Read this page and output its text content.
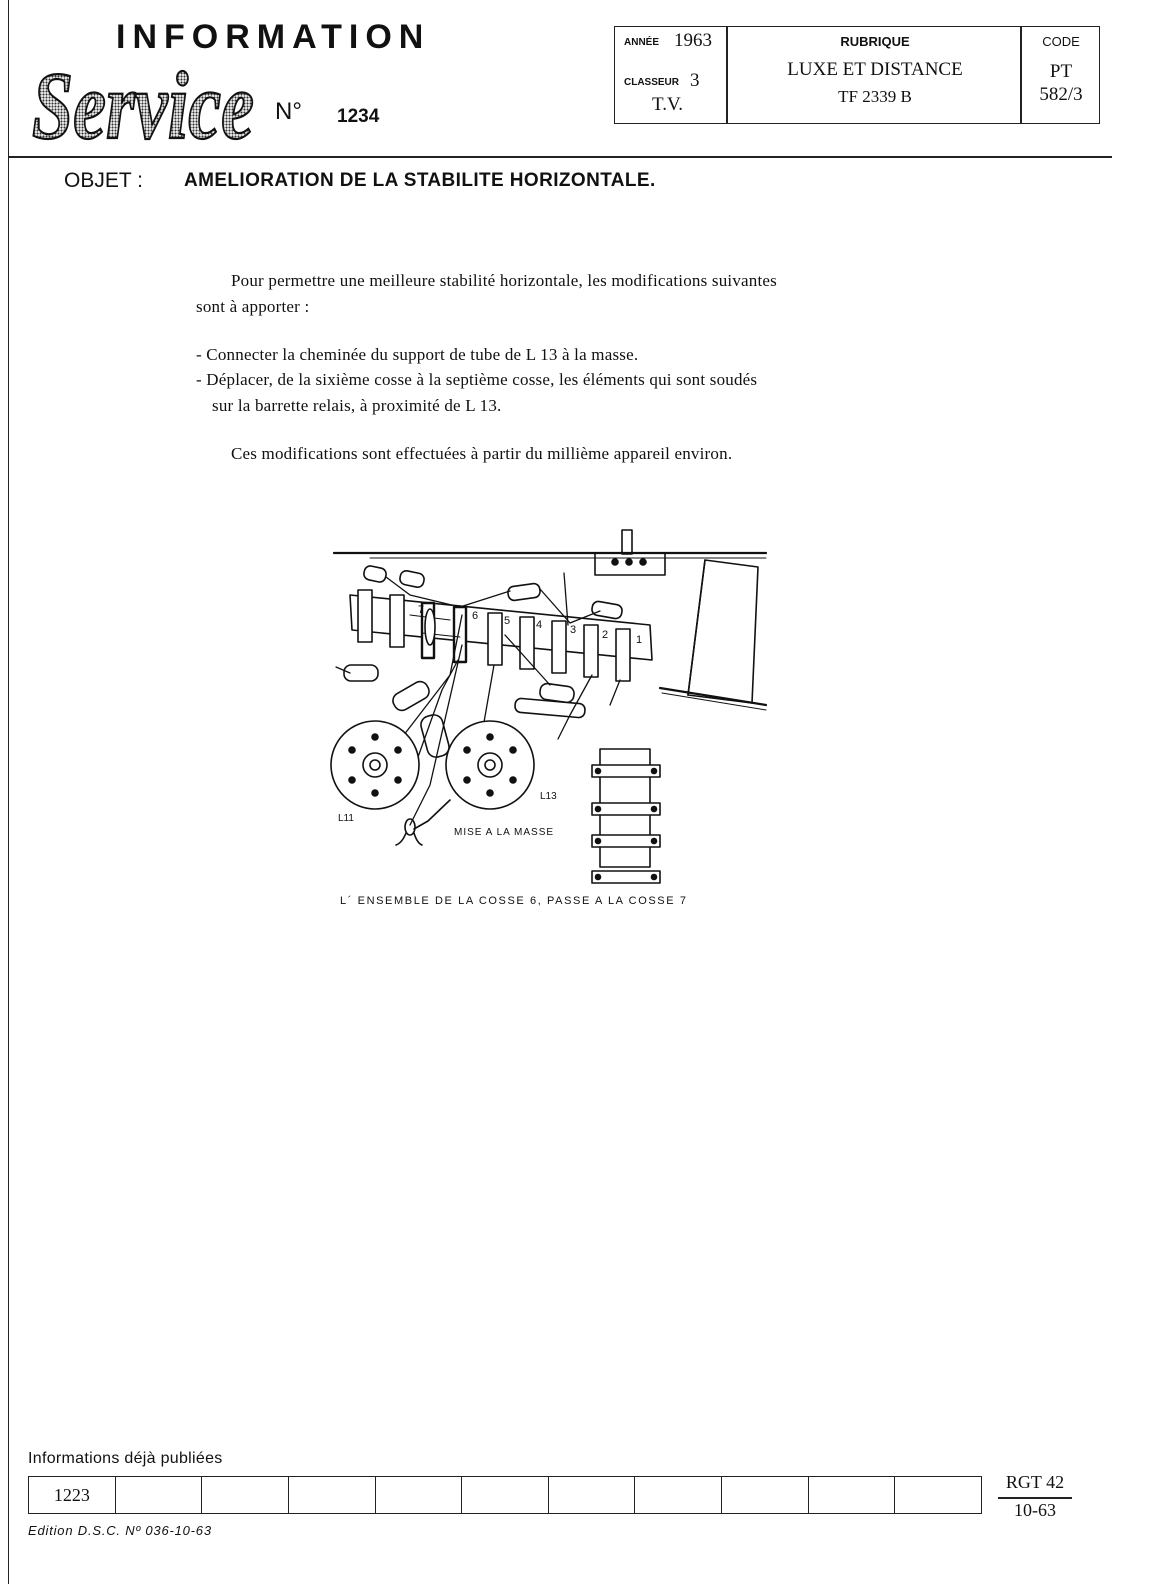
INFORMATION
Service N° 1234
ANNÉE 1963
CLASSEUR 3
T.V.
RUBRIQUE
LUXE ET DISTANCE
TF 2339 B
CODE
PT
582/3
OBJET : AMELIORATION DE LA STABILITE HORIZONTALE.
Pour permettre une meilleure stabilité horizontale, les modifications suivantes
sont à apporter :
- Connecter la cheminée du support de tube de L 13 à la masse.
- Déplacer, de la sixième cosse à la septième cosse, les éléments qui sont soudés
sur la barrette relais, à proximité de L 13.
Ces modifications sont effectuées à partir du millième appareil environ.
7	6 5 4	3 2	1
L11
L13
MISE A LA MASSE
L´ ENSEMBLE DE LA COSSE 6, PASSE A LA COSSE 7
Informations déjà publiées
1223
RGT 42
10-63
Edition D.S.C. Nº 036-10-63
